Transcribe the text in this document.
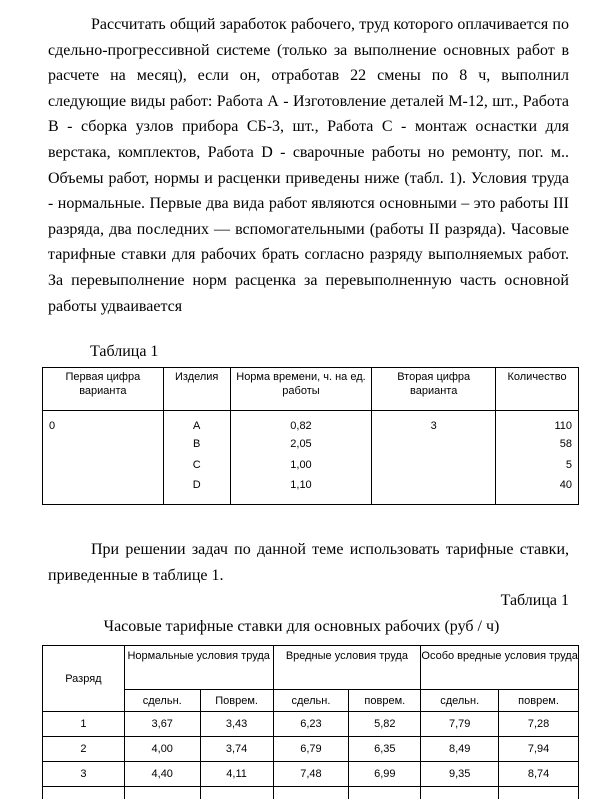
Рассчитать общий заработок рабочего, труд которого оплачивается по сдельно-прогрессивной системе (только за выполнение основных работ в расчете на месяц), если он, отработав 22 смены по 8 ч, выполнил следующие виды работ: Работа А - Изготовление деталей М-12, шт., Работа В - сборка узлов прибора СБ-3, шт., Работа С - монтаж оснастки для верстака, комплектов, Работа D - сварочные работы но ремонту, пог. м.. Объемы работ, нормы и расценки приведены ниже (табл. 1). Условия труда - нормальные. Первые два вида работ являются основными – это работы III разряда, два последних — вспомогательными (работы II разряда). Часовые тарифные ставки для рабочих брать согласно разряду выполняемых работ. За перевыполнение норм расценка за перевыполненную часть основной работы удваивается

Таблица 1

Первая цифра варианта	Изделия	Норма времени, ч. на ед. работы	Вторая цифра варианта	Количество
0	А	0,82	3	110
	В	2,05		58
	С	1,00		5
	D	1,10		40

При решении задач по данной теме использовать тарифные ставки, приведенные в таблице 1.

Таблица 1

Часовые тарифные ставки для основных рабочих (руб / ч)

Разряд	Нормальные условия труда		Вредные условия труда		Особо вредные условия труда	
	сдельн.	Поврем.	сдельн.	поврем.	сдельн.	поврем.
1	3,67	3,43	6,23	5,82	7,79	7,28
2	4,00	3,74	6,79	6,35	8,49	7,94
3	4,40	4,11	7,48	6,99	9,35	8,74
